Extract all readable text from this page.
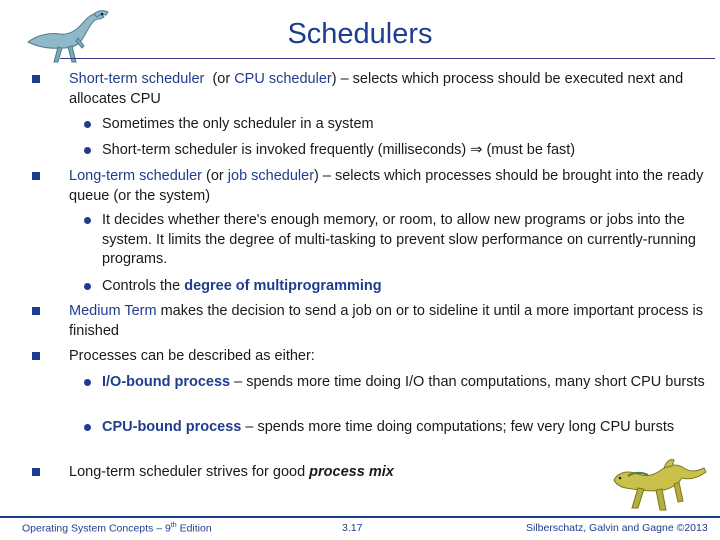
Schedulers
Short-term scheduler  (or CPU scheduler) – selects which process should be executed next and allocates CPU
Sometimes the only scheduler in a system
Short-term scheduler is invoked frequently (milliseconds) ⇒ (must be fast)
Long-term scheduler (or job scheduler) – selects which processes should be brought into the ready queue (or the system)
It decides whether there's enough memory, or room, to allow new programs or jobs into the system. It limits the degree of multi-tasking to prevent slow performance on currently-running programs.
Controls the degree of multiprogramming
Medium Term makes the decision to send a job on or to sideline it until a more important process is finished
Processes can be described as either:
I/O-bound process – spends more time doing I/O than computations, many short CPU bursts
CPU-bound process – spends more time doing computations; few very long CPU bursts
Long-term scheduler strives for good process mix
Operating System Concepts – 9th Edition	3.17	Silberschatz, Galvin and Gagne ©2013
